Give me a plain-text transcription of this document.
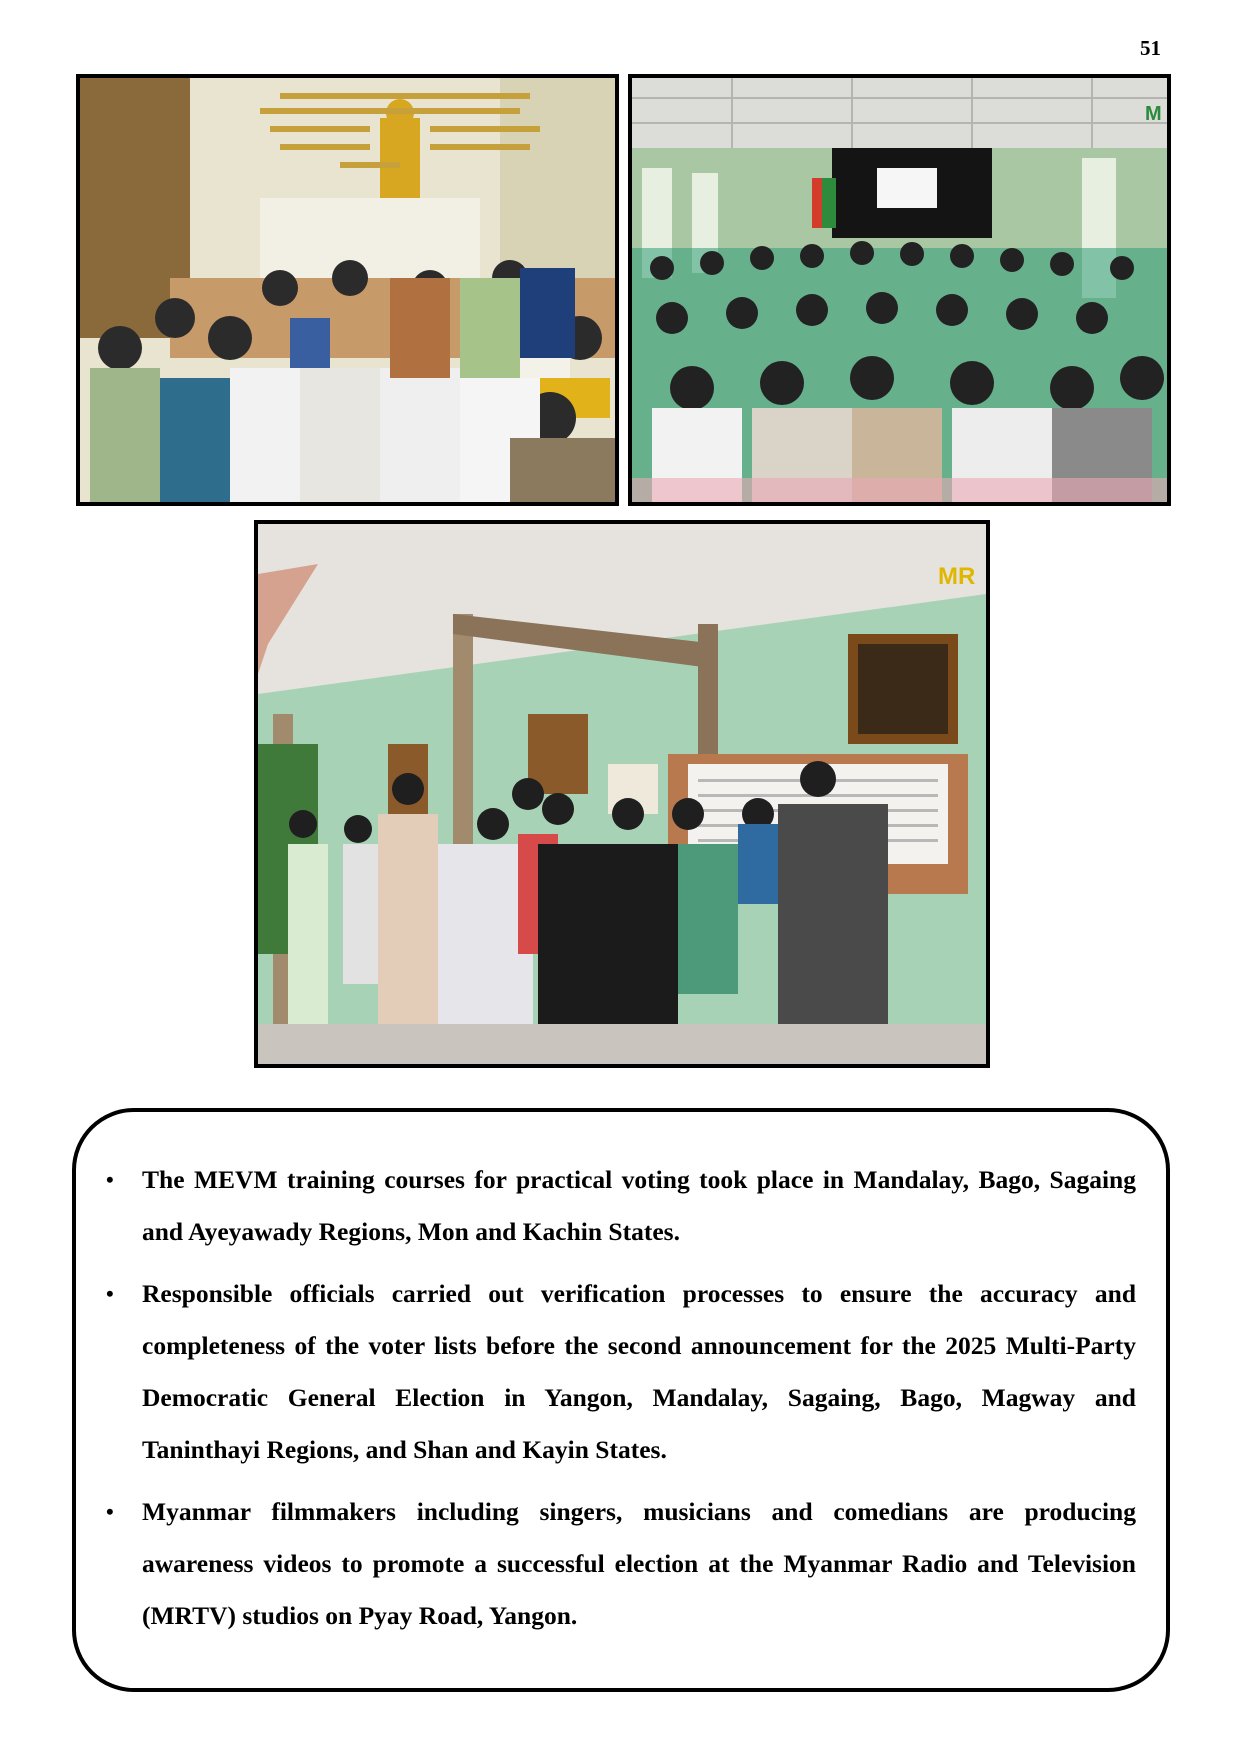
51
M
MR
• The MEVM training courses for practical voting took place in Mandalay, Bago, Sagaing and Ayeyawady Regions, Mon and Kachin States.
• Responsible officials carried out verification processes to ensure the accuracy and completeness of the voter lists before the second announcement for the 2025 Multi-Party Democratic General Election in Yangon, Mandalay, Sagaing, Bago, Magway and Taninthayi Regions, and Shan and Kayin States.
• Myanmar filmmakers including singers, musicians and comedians are producing awareness videos to promote a successful election at the Myanmar Radio and Television (MRTV) studios on Pyay Road, Yangon.
